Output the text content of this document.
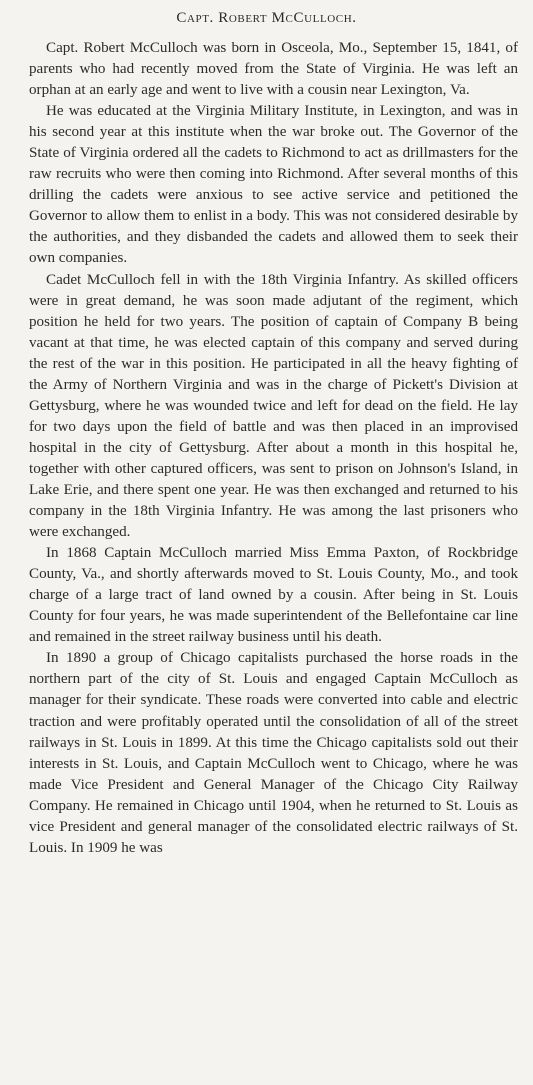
Capt. Robert McCulloch.

Capt. Robert McCulloch was born in Osceola, Mo., September 15, 1841, of parents who had recently moved from the State of Virginia. He was left an orphan at an early age and went to live with a cousin near Lexington, Va.

He was educated at the Virginia Military Institute, in Lexington, and was in his second year at this institute when the war broke out. The Governor of the State of Virginia ordered all the cadets to Richmond to act as drillmasters for the raw recruits who were then coming into Richmond. After several months of this drilling the cadets were anxious to see active service and petitioned the Governor to allow them to enlist in a body. This was not considered desirable by the authorities, and they disbanded the cadets and allowed them to seek their own companies.

Cadet McCulloch fell in with the 18th Virginia Infantry. As skilled officers were in great demand, he was soon made adjutant of the regiment, which position he held for two years. The position of captain of Company B being vacant at that time, he was elected captain of this company and served during the rest of the war in this position. He participated in all the heavy fighting of the Army of Northern Virginia and was in the charge of Pickett's Division at Gettysburg, where he was wounded twice and left for dead on the field. He lay for two days upon the field of battle and was then placed in an improvised hospital in the city of Gettysburg. After about a month in this hospital he, together with other captured officers, was sent to prison on Johnson's Island, in Lake Erie, and there spent one year. He was then exchanged and returned to his company in the 18th Virginia Infantry. He was among the last prisoners who were exchanged.

In 1868 Captain McCulloch married Miss Emma Paxton, of Rockbridge County, Va., and shortly afterwards moved to St. Louis County, Mo., and took charge of a large tract of land owned by a cousin. After being in St. Louis County for four years, he was made superintendent of the Bellefontaine car line and remained in the street railway business until his death.

In 1890 a group of Chicago capitalists purchased the horse roads in the northern part of the city of St. Louis and engaged Captain McCulloch as manager for their syndicate. These roads were converted into cable and electric traction and were profitably operated until the consolidation of all of the street railways in St. Louis in 1899. At this time the Chicago capitalists sold out their interests in St. Louis, and Captain McCulloch went to Chicago, where he was made Vice President and General Manager of the Chicago City Railway Company. He remained in Chicago until 1904, when he returned to St. Louis as vice President and general manager of the consolidated electric railways of St. Louis. In 1909 he was
